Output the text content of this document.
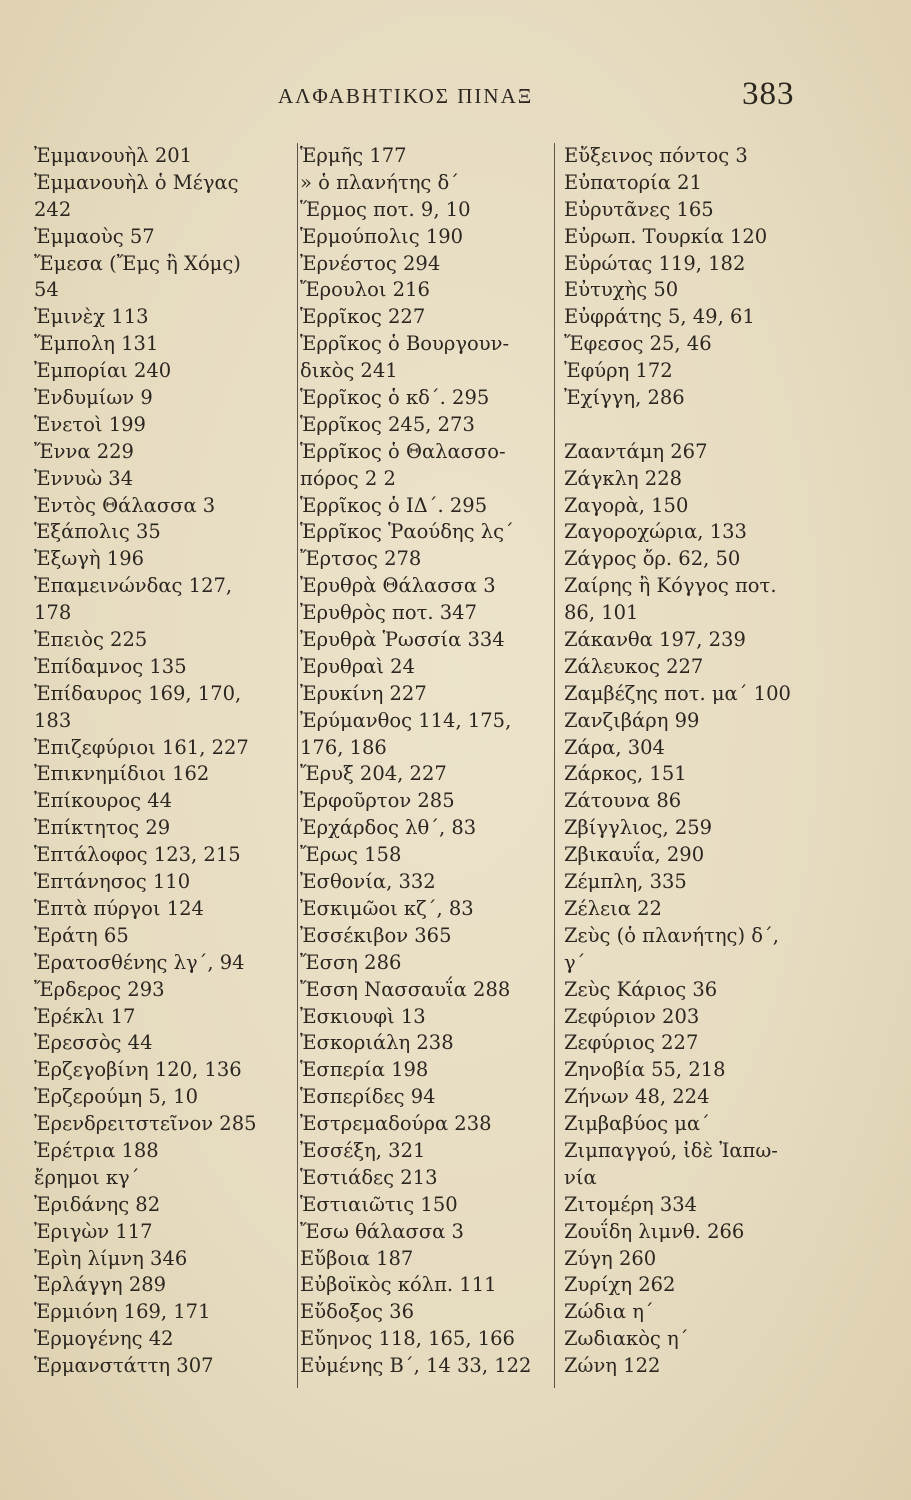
ΑΛΦΑΒΗΤΙΚΟΣ ΠΙΝΑΞ	383
Ἐμμανουὴλ 201
Ἐμμανουὴλ ὁ Μέγας
242
Ἐμμαοὺς 57
Ἔμεσα (Ἔμς ἢ Χόμς)
54
Ἐμινὲχ 113
Ἔμπολη 131
Ἐμπορίαι 240
Ἐνδυμίων 9
Ἑνετοὶ 199
Ἔννα 229
Ἐννυὼ 34
Ἐντὸς Θάλασσα 3
Ἑξάπολις 35
Ἐξωγὴ 196
Ἐπαμεινώνδας 127,
178
Ἐπειὸς 225
Ἐπίδαμνος 135
Ἐπίδαυρος 169, 170,
183
Ἐπιζεφύριοι 161, 227
Ἐπικνημίδιοι 162
Ἐπίκουρος 44
Ἐπίκτητος 29
Ἑπτάλοφος 123, 215
Ἑπτάνησος 110
Ἑπτὰ πύργοι 124
Ἐράτη 65
Ἐρατοσθένης λγ΄, 94
Ἔρδερος 293
Ἐρέκλι 17
Ἐρεσσὸς 44
Ἐρζεγοβίνη 120, 136
Ἐρζερούμη 5, 10
Ἐρενδρειτστεῖνον 285
Ἐρέτρια 188
ἔρημοι κγ΄
Ἐριδάνης 82
Ἐριγὼν 117
Ἐρὶη λίμνη 346
Ἐρλάγγη 289
Ἑρμιόνη 169, 171
Ἑρμογένης 42
Ἑρμανστάττη 307
Ἑρμῆς 177
» ὁ πλανήτης δ΄
Ἕρμος ποτ. 9, 10
Ἑρμούπολις 190
Ἐρνέστος 294
Ἔρουλοι 216
Ἑρρῖκος 227
Ἑρρῖκος ὁ Βουργουν-
δικὸς 241
Ἑρρῖκος ὁ κδ΄. 295
Ἑρρῖκος 245, 273
Ἑρρῖκος ὁ Θαλασσο-
πόρος 2 2
Ἑρρῖκος ὁ ΙΔ΄. 295
Ἑρρῖκος Ῥαούδης λς΄
Ἔρτσος 278
Ἐρυθρὰ Θάλασσα 3
Ἐρυθρὸς ποτ. 347
Ἐρυθρὰ Ῥωσσία 334
Ἐρυθραὶ 24
Ἐρυκίνη 227
Ἐρύμανθος 114, 175,
176, 186
Ἔρυξ 204, 227
Ἐρφοῦρτον 285
Ἐρχάρδος λθ΄, 83
Ἔρως 158
Ἐσθονία, 332
Ἐσκιμῶοι κζ΄, 83
Ἐσσέκιβον 365
Ἔσση 286
Ἔσση Νασσαυΐα 288
Ἐσκιουφὶ 13
Ἐσκοριάλη 238
Ἑσπερία 198
Ἑσπερίδες 94
Ἐστρεμαδούρα 238
Ἐσσέξη, 321
Ἑστιάδες 213
Ἑστιαιῶτις 150
Ἔσω θάλασσα 3
Εὔβοια 187
Εὐβοϊκὸς κόλπ. 111
Εὔδοξος 36
Εὔηνος 118, 165, 166
Εὐμένης Β΄, 14 33, 122
Εὔξεινος πόντος 3
Εὐπατορία 21
Εὐρυτᾶνες 165
Εὐρωπ. Τουρκία 120
Εὐρώτας 119, 182
Εὐτυχὴς 50
Εὐφράτης 5, 49, 61
Ἔφεσος 25, 46
Ἐφύρη 172
Ἐχίγγη, 286
Ζααντάμη 267
Ζάγκλη 228
Ζαγορὰ, 150
Ζαγοροχώρια, 133
Ζάγρος ὄρ. 62, 50
Ζαίρης ἢ Κόγγος ποτ.
86, 101
Ζάκανθα 197, 239
Ζάλευκος 227
Ζαμβέζης ποτ. μα΄ 100
Ζανζιβάρη 99
Ζάρα, 304
Ζάρκος, 151
Ζάτουνα 86
Ζβίγγλιος, 259
Ζβικαυΐα, 290
Ζέμπλη, 335
Ζέλεια 22
Ζεὺς (ὁ πλανήτης) δ΄,
γ΄
Ζεὺς Κάριος 36
Ζεφύριον 203
Ζεφύριος 227
Ζηνοβία 55, 218
Ζήνων 48, 224
Ζιμβαβύος μα΄
Ζιμπαγγού, ἰδὲ Ἰαπω-
νία
Ζιτομέρη 334
Ζουΐδη λιμνθ. 266
Ζύγη 260
Ζυρίχη 262
Ζώδια η΄
Ζωδιακὸς η΄
Ζώνη 122
